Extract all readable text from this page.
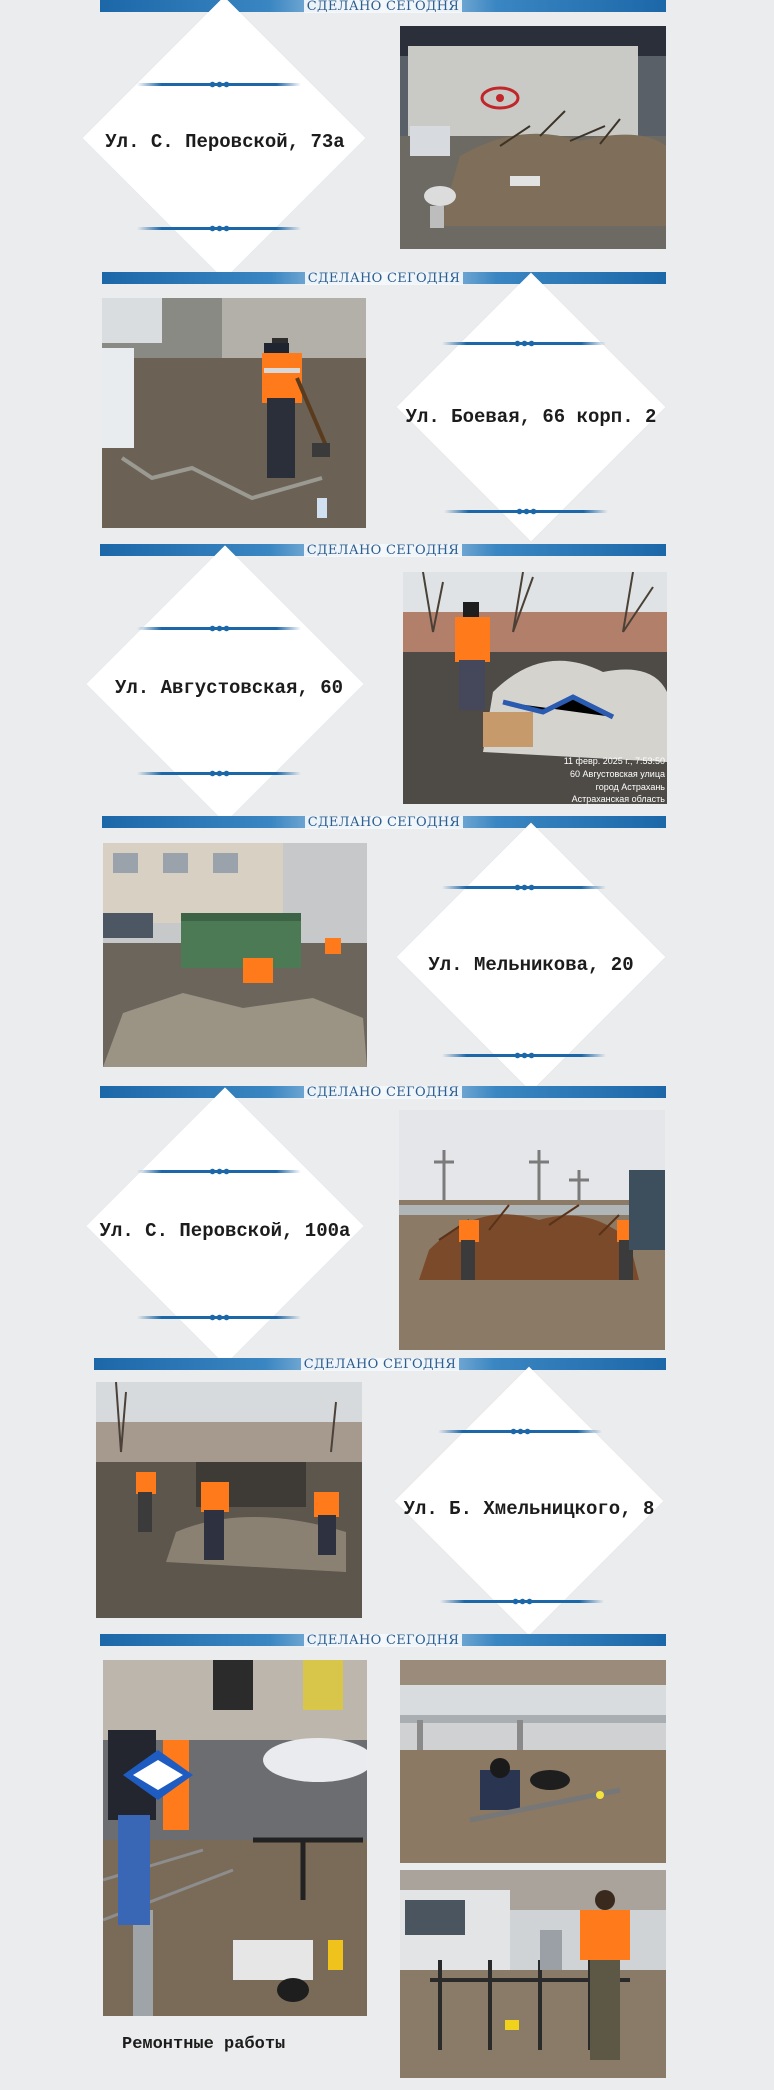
СДЕЛАНО СЕГОДНЯ
Ул. С. Перовской, 73а
СДЕЛАНО СЕГОДНЯ
Ул. Боевая, 66 корп. 2
СДЕЛАНО СЕГОДНЯ
Ул. Августовская, 60
11 февр. 2025 г., 7:53:50
60 Августовская улица
город Астрахань
Астраханская область
СДЕЛАНО СЕГОДНЯ
Ул. Мельникова, 20
СДЕЛАНО СЕГОДНЯ
Ул. С. Перовской, 100а
СДЕЛАНО СЕГОДНЯ
Ул. Б. Хмельницкого, 8
СДЕЛАНО СЕГОДНЯ
Ремонтные работы
